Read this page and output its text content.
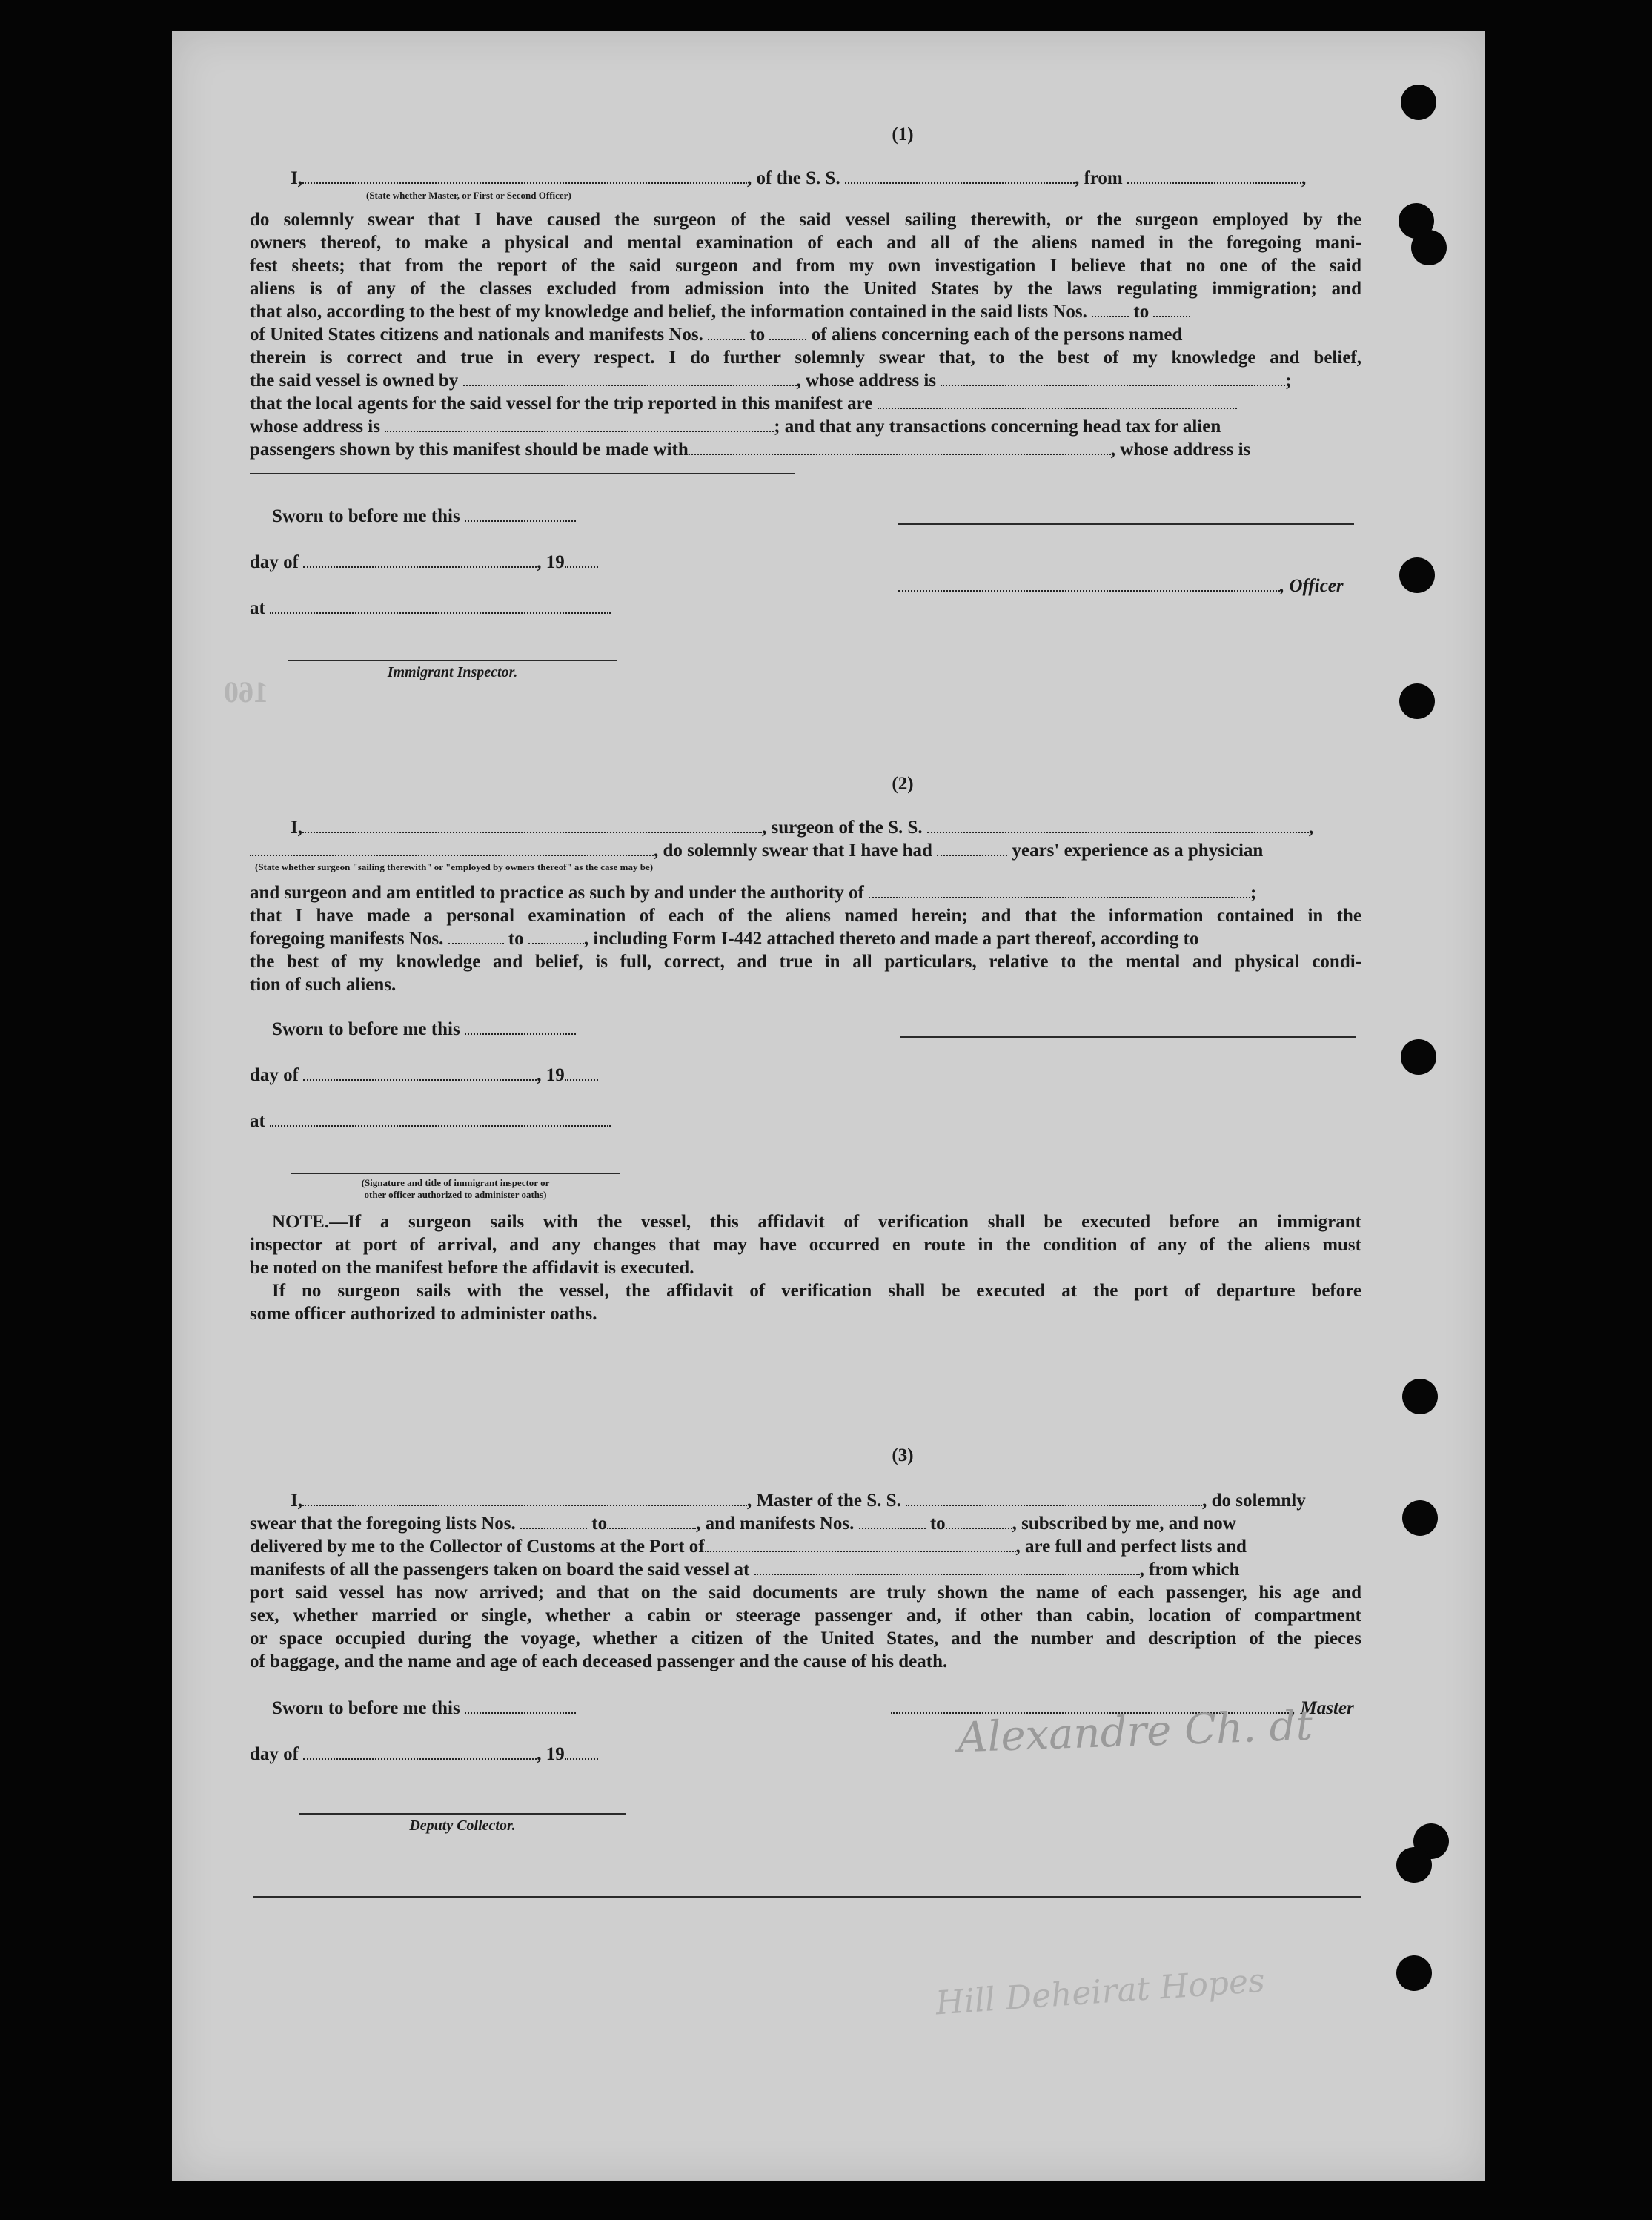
(1)
I,	, of the S. S.	, from	,
(State whether Master, or First or Second Officer)
do solemnly swear that I have caused the surgeon of the said vessel sailing therewith, or the surgeon employed by the
owners thereof, to make a physical and mental examination of each and all of the aliens named in the foregoing mani-
fest sheets; that from the report of the said surgeon and from my own investigation I believe that no one of the said
aliens is of any of the classes excluded from admission into the United States by the laws regulating immigration; and
that also, according to the best of my knowledge and belief, the information contained in the said lists Nos.	to
of United States citizens and nationals and manifests Nos.	to	of aliens concerning each of the persons named
therein is correct and true in every respect. I do further solemnly swear that, to the best of my knowledge and belief,
the said vessel is owned by	, whose address is	;
that the local agents for the said vessel for the trip reported in this manifest are
whose address is	; and that any transactions concerning head tax for alien
passengers shown by this manifest should be made with	, whose address is
Sworn to before me this
day of	, 19
, Officer
at
Immigrant Inspector.
160
(2)
I,	, surgeon of the S. S.	,
, do solemnly swear that I have had	years' experience as a physician
(State whether surgeon "sailing therewith" or "employed by owners thereof" as the case may be)
and surgeon and am entitled to practice as such by and under the authority of	;
that I have made a personal examination of each of the aliens named herein; and that the information contained in the
foregoing manifests Nos.	to	, including Form I-442 attached thereto and made a part thereof, according to
the best of my knowledge and belief, is full, correct, and true in all particulars, relative to the mental and physical condi-
tion of such aliens.
Sworn to before me this
day of	, 19
at
(Signature and title of immigrant inspector or
other officer authorized to administer oaths)
NOTE.—If a surgeon sails with the vessel, this affidavit of verification shall be executed before an immigrant
inspector at port of arrival, and any changes that may have occurred en route in the condition of any of the aliens must
be noted on the manifest before the affidavit is executed.
If no surgeon sails with the vessel, the affidavit of verification shall be executed at the port of departure before
some officer authorized to administer oaths.
(3)
I,	, Master of the S. S.	, do solemnly
swear that the foregoing lists Nos.	to	, and manifests Nos.	to	, subscribed by me, and now
delivered by me to the Collector of Customs at the Port of	, are full and perfect lists and
manifests of all the passengers taken on board the said vessel at	, from which
port said vessel has now arrived; and that on the said documents are truly shown the name of each passenger, his age and
sex, whether married or single, whether a cabin or steerage passenger and, if other than cabin, location of compartment
or space occupied during the voyage, whether a citizen of the United States, and the number and description of the pieces
of baggage, and the name and age of each deceased passenger and the cause of his death.
Sworn to before me this	, Master
Alexandre Ch. dt
day of	, 19
Deputy Collector.
Hill Deheirat Hopes
